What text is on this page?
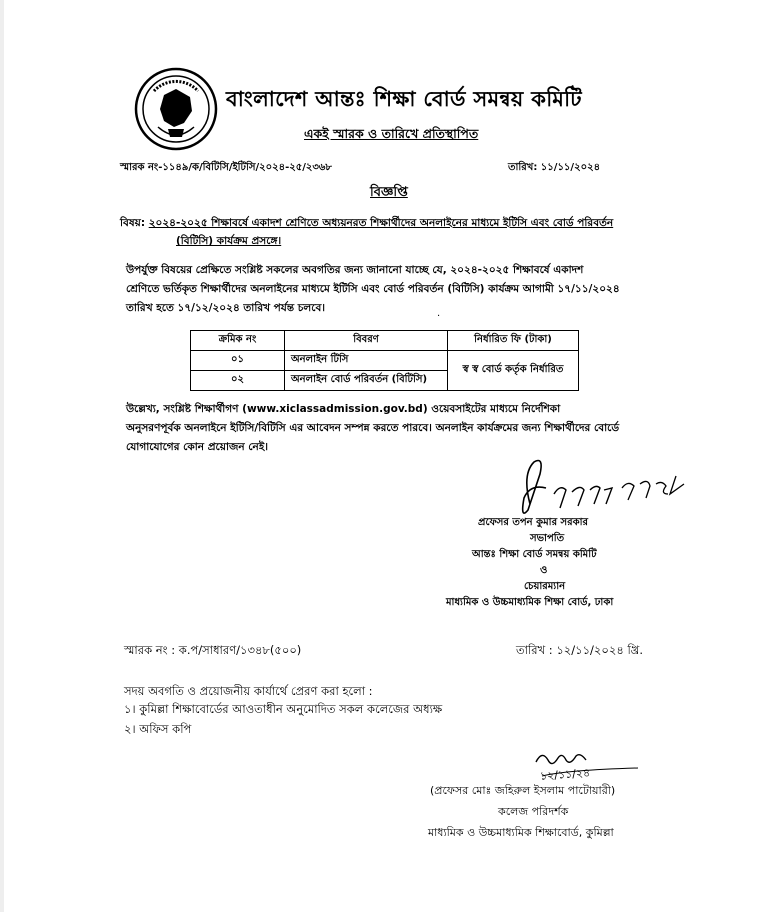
বাংলাদেশ আন্তঃ শিক্ষা বোর্ড সমন্বয় কমিটি
একই স্মারক ও তারিখে প্রতিস্থাপিত
স্মারক নং-১১৪৯/ক/বিটিসি/ইটিসি/২০২৪-২৫/২৩৬৮	তারিখ: ১১/১১/২০২৪
বিজ্ঞপ্তি
বিষয়: ২০২৪-২০২৫ শিক্ষাবর্ষে একাদশ শ্রেণিতে অধ্যয়নরত শিক্ষার্থীদের অনলাইনের মাধ্যমে ইটিসি এবং বোর্ড পরিবর্তন
(বিটিসি) কার্যক্রম প্রসঙ্গে।
উপর্যুক্ত বিষয়ের প্রেক্ষিতে সংশ্লিষ্ট সকলের অবগতির জন্য জানানো যাচ্ছে যে, ২০২৪-২০২৫ শিক্ষাবর্ষে একাদশ
শ্রেণিতে ভর্তিকৃত শিক্ষার্থীদের অনলাইনের মাধ্যমে ইটিসি এবং বোর্ড পরিবর্তন (বিটিসি) কার্যক্রম আগামী ১৭/১১/২০২৪
তারিখ হতে ১৭/১২/২০২৪ তারিখ পর্যন্ত চলবে।	.
ক্রমিক নং	বিবরণ	নির্ধারিত ফি (টাকা)
০১	অনলাইন টিসি	স্ব স্ব বোর্ড কর্তৃক নির্ধারিত
০২	অনলাইন বোর্ড পরিবর্তন (বিটিসি)	
উল্লেখ্য, সংশ্লিষ্ট শিক্ষার্থীগণ (www.xiclassadmission.gov.bd) ওয়েবসাইটের মাধ্যমে নির্দেশিকা
অনুসরণপূর্বক অনলাইনে ইটিসি/বিটিসি এর আবেদন সম্পন্ন করতে পারবে। অনলাইন কার্যক্রমের জন্য শিক্ষার্থীদের বোর্ডে
যোগাযোগের কোন প্রয়োজন নেই।
প্রফেসর তপন কুমার সরকার
সভাপতি
আন্তঃ শিক্ষা বোর্ড সমন্বয় কমিটি
ও
চেয়ারম্যান
মাধ্যমিক ও উচ্চমাধ্যমিক শিক্ষা বোর্ড, ঢাকা
স্মারক নং : ক.প/সাধারণ/১৩৪৮(৫০০)	তারিখ : ১২/১১/২০২৪ খ্রি.
সদয় অবগতি ও প্রয়োজনীয় কার্যার্থে প্রেরণ করা হলো :
১। কুমিল্লা শিক্ষাবোর্ডের আওতাধীন অনুমোদিত সকল কলেজের অধ্যক্ষ
২। অফিস কপি
১২/১১/২৪
(প্রফেসর মোঃ জহিরুল ইসলাম পাটোয়ারী)
কলেজ পরিদর্শক
মাধ্যমিক ও উচ্চমাধ্যমিক শিক্ষাবোর্ড, কুমিল্লা
